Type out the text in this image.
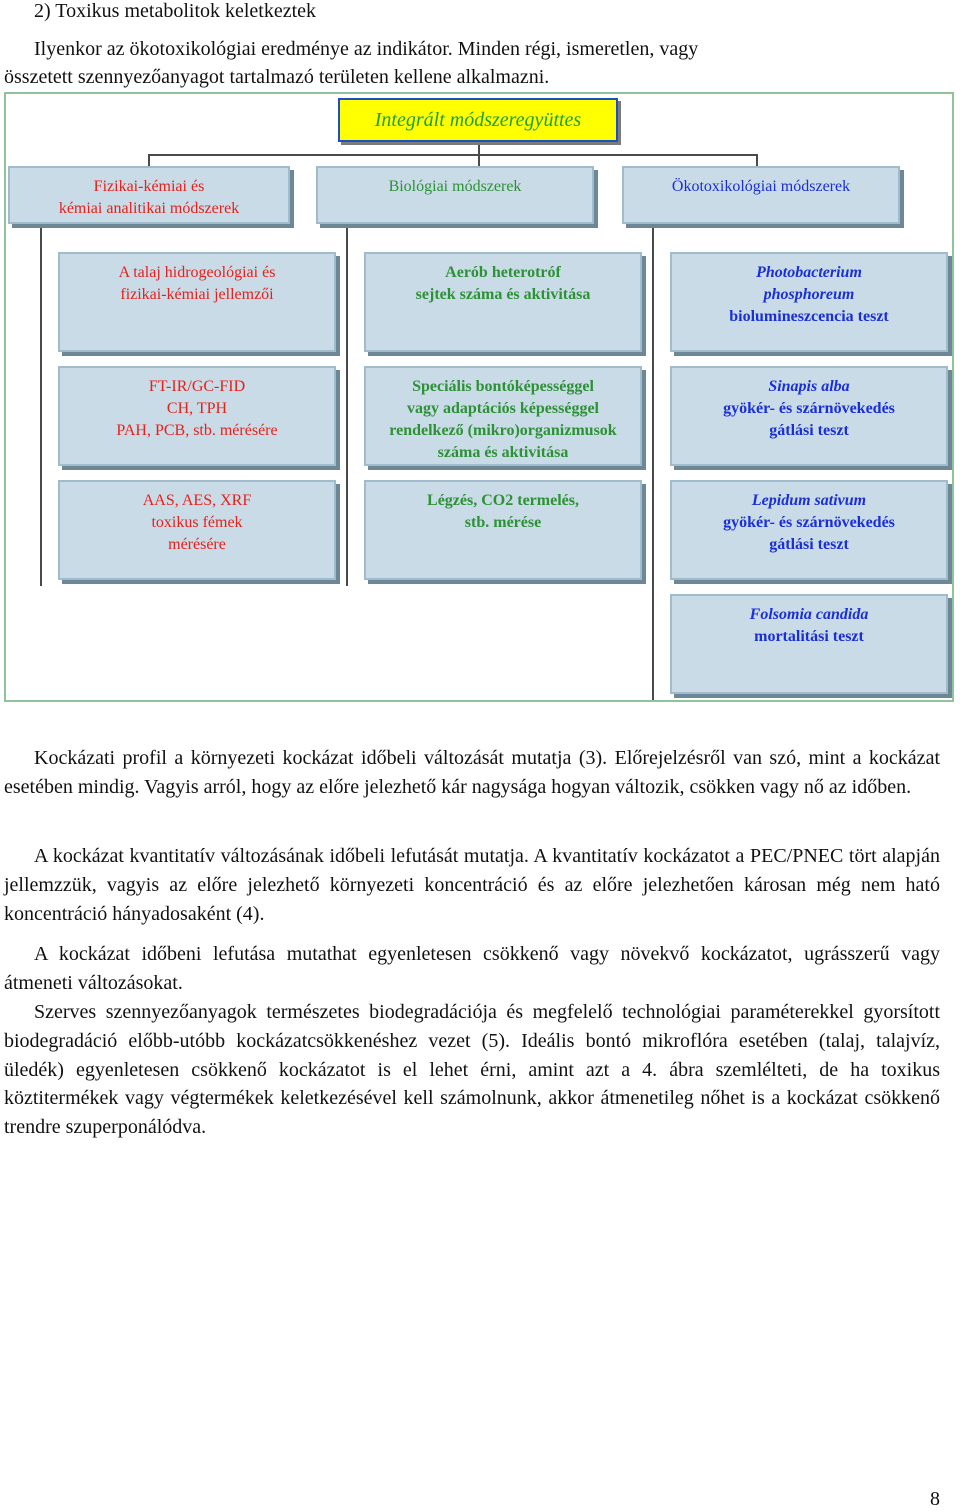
2) Toxikus metabolitok keletkeztek
Ilyenkor az ökotoxikológiai eredménye az indikátor. Minden régi, ismeretlen, vagy
összetett szennyezőanyagot tartalmazó területen kellene alkalmazni.
Integrált módszeregyüttes
Fizikai-kémiai és
kémiai analitikai módszerek
A talaj hidrogeológiai és
fizikai-kémiai jellemzői
FT-IR/GC-FID
CH, TPH
PAH, PCB, stb. mérésére
AAS, AES, XRF
toxikus fémek
mérésére
Biológiai módszerek
Aerób heterotróf
sejtek száma és aktivitása
Speciális bontóképességgel
vagy adaptációs képességgel
rendelkező (mikro)organizmusok
száma és aktivitása
Légzés, CO2 termelés,
stb. mérése
Ökotoxikológiai módszerek
Photobacterium
phosphoreum
biolumineszcencia teszt
Sinapis alba
gyökér- és szárnövekedés
gátlási teszt
Lepidum sativum
gyökér- és szárnövekedés
gátlási teszt
Folsomia candida
mortalitási teszt
Kockázati profil a környezeti kockázat időbeli változását mutatja (3). Előrejelzésről van szó, mint a kockázat esetében mindig. Vagyis arról, hogy az előre jelezhető kár nagysága hogyan változik, csökken vagy nő az időben.
A kockázat kvantitatív változásának időbeli lefutását mutatja. A kvantitatív kockázatot a PEC/PNEC tört alapján jellemzzük, vagyis az előre jelezhető környezeti koncentráció és az előre jelezhetően károsan még nem ható koncentráció hányadosaként (4).
A kockázat időbeni lefutása mutathat egyenletesen csökkenő vagy növekvő kockázatot, ugrásszerű vagy átmeneti változásokat.
Szerves szennyezőanyagok természetes biodegradációja és megfelelő technológiai paraméterekkel gyorsított biodegradáció előbb-utóbb kockázatcsökkenéshez vezet (5). Ideális bontó mikroflóra esetében (talaj, talajvíz, üledék) egyenletesen csökkenő kockázatot is el lehet érni, amint azt a 4. ábra szemlélteti, de ha toxikus köztitermékek vagy végtermékek keletkezésével kell számolnunk, akkor átmenetileg nőhet is a kockázat csökkenő trendre szuperponálódva.
8
